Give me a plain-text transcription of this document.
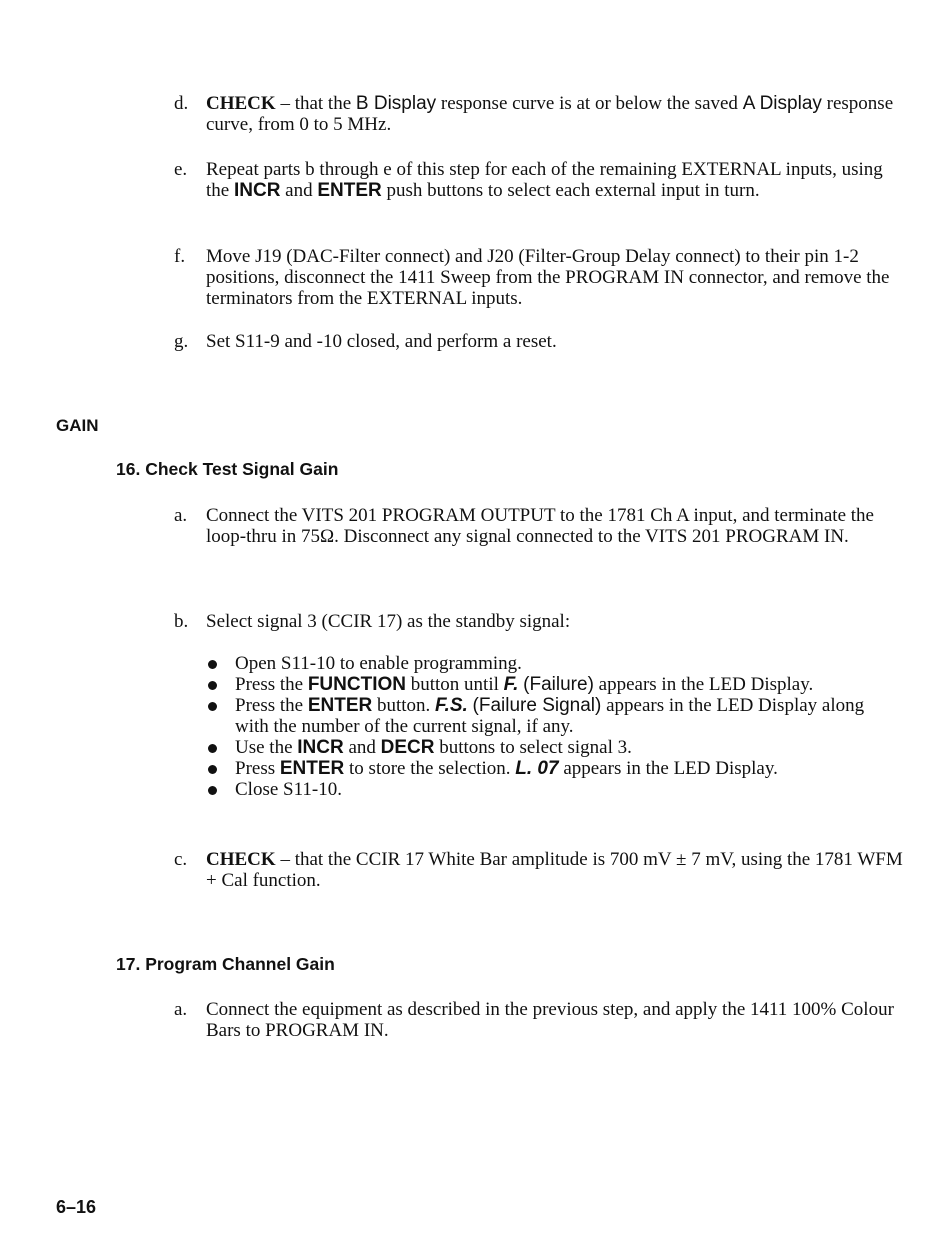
d. CHECK – that the B Display response curve is at or below the saved A Display response curve, from 0 to 5 MHz.
e. Repeat parts b through e of this step for each of the remaining EXTERNAL inputs, using the INCR and ENTER push buttons to select each external input in turn.
f.	Move J19 (DAC-Filter connect) and J20 (Filter-Group Delay connect) to their pin 1-2 positions, disconnect the 1411 Sweep from the PROGRAM IN connector, and remove the terminators from the EXTERNAL inputs.
g. Set S11-9 and -10 closed, and perform a reset.
GAIN
16. Check Test Signal Gain
a. Connect the VITS 201 PROGRAM OUTPUT to the 1781 Ch A input, and terminate the loop-thru in 75Ω. Disconnect any signal connected to the VITS 201 PROGRAM IN.
b. Select signal 3 (CCIR 17) as the standby signal:
Open S11-10 to enable programming.
Press the FUNCTION button until F. (Failure) appears in the LED Display.
Press the ENTER button. F.S. (Failure Signal) appears in the LED Display along with the number of the current signal, if any.
Use the INCR and DECR buttons to select signal 3.
Press ENTER to store the selection. L. 07 appears in the LED Display.
Close S11-10.
c. CHECK – that the CCIR 17 White Bar amplitude is 700 mV ± 7 mV, using the 1781 WFM + Cal function.
17. Program Channel Gain
a. Connect the equipment as described in the previous step, and apply the 1411 100% Colour Bars to PROGRAM IN.
6–16
